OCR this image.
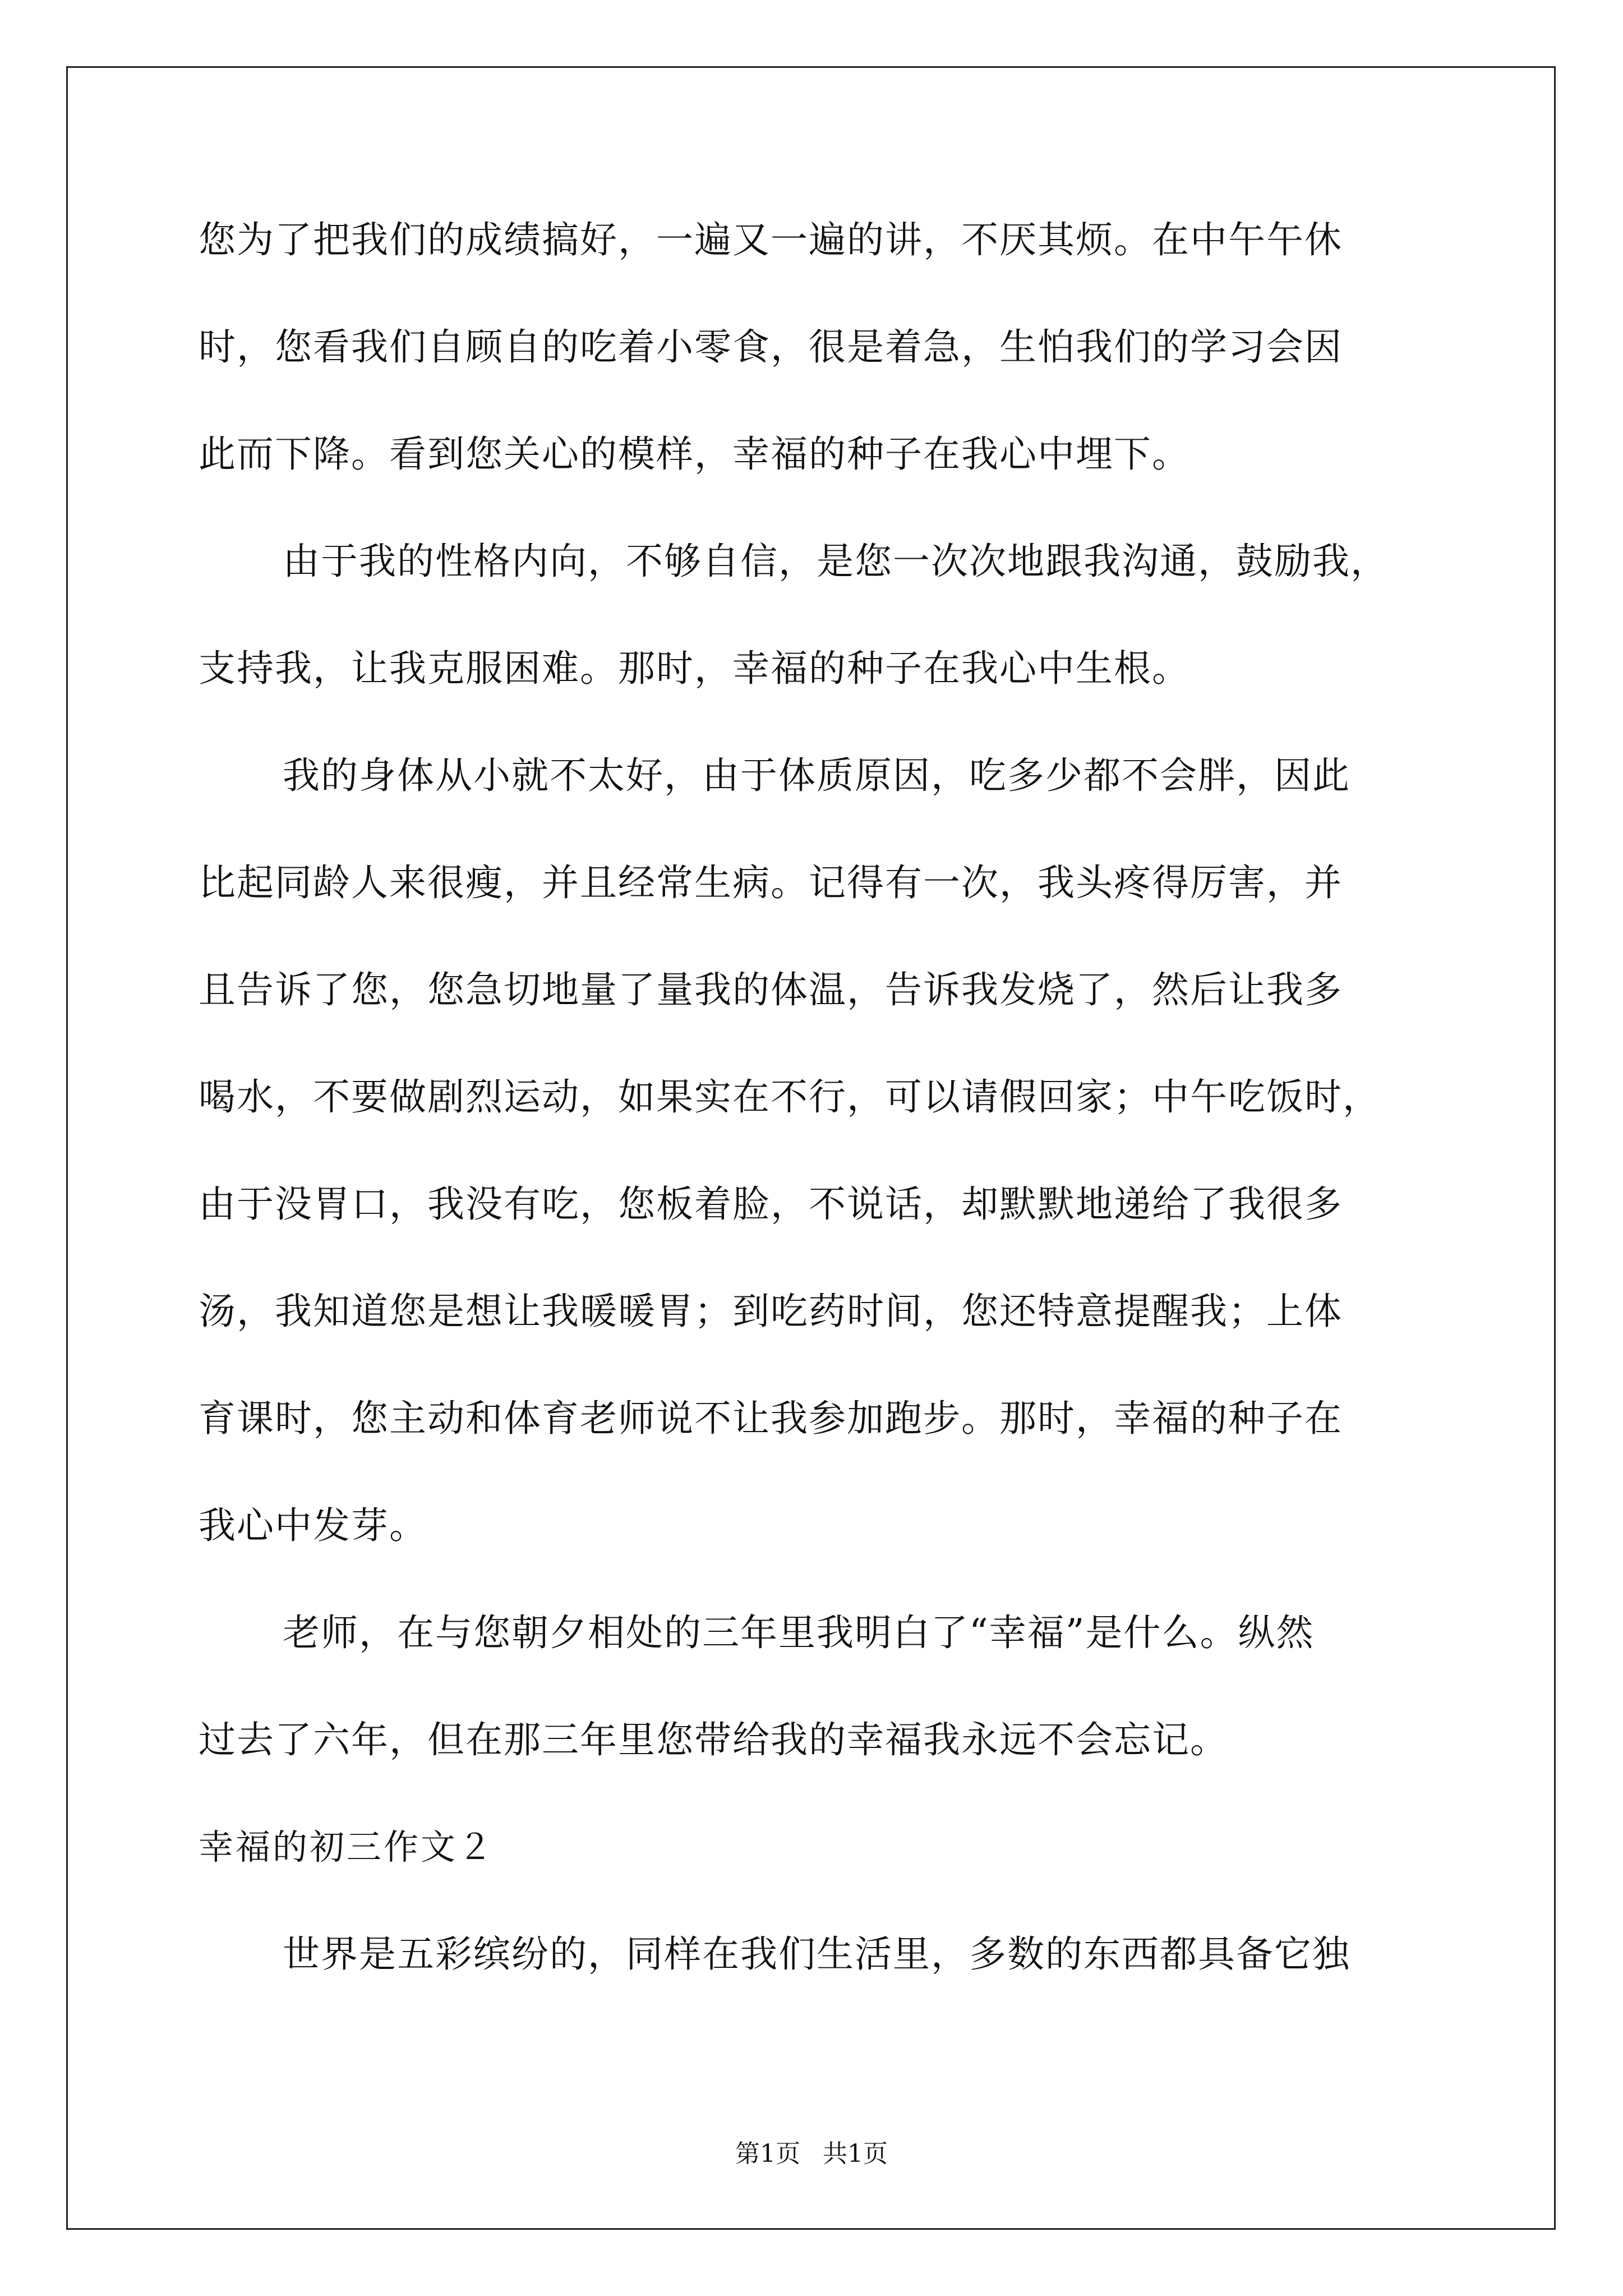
您为了把我们的成绩搞好，一遍又一遍的讲，不厌其烦。在中午午休
时，您看我们自顾自的吃着小零食，很是着急，生怕我们的学习会因
此而下降。看到您关心的模样，幸福的种子在我心中埋下。
由于我的性格内向，不够自信，是您一次次地跟我沟通，鼓励我，
支持我，让我克服困难。那时，幸福的种子在我心中生根。
我的身体从小就不太好，由于体质原因，吃多少都不会胖，因此
比起同龄人来很瘦，并且经常生病。记得有一次，我头疼得厉害，并
且告诉了您，您急切地量了量我的体温，告诉我发烧了，然后让我多
喝水，不要做剧烈运动，如果实在不行，可以请假回家；中午吃饭时，
由于没胃口，我没有吃，您板着脸，不说话，却默默地递给了我很多
汤，我知道您是想让我暖暖胃；到吃药时间，您还特意提醒我；上体
育课时，您主动和体育老师说不让我参加跑步。那时，幸福的种子在
我心中发芽。
老师，在与您朝夕相处的三年里我明白了“幸福”是什么。纵然
过去了六年，但在那三年里您带给我的幸福我永远不会忘记。
幸福的初三作文２
世界是五彩缤纷的，同样在我们生活里，多数的东西都具备它独
第1页 共1页
